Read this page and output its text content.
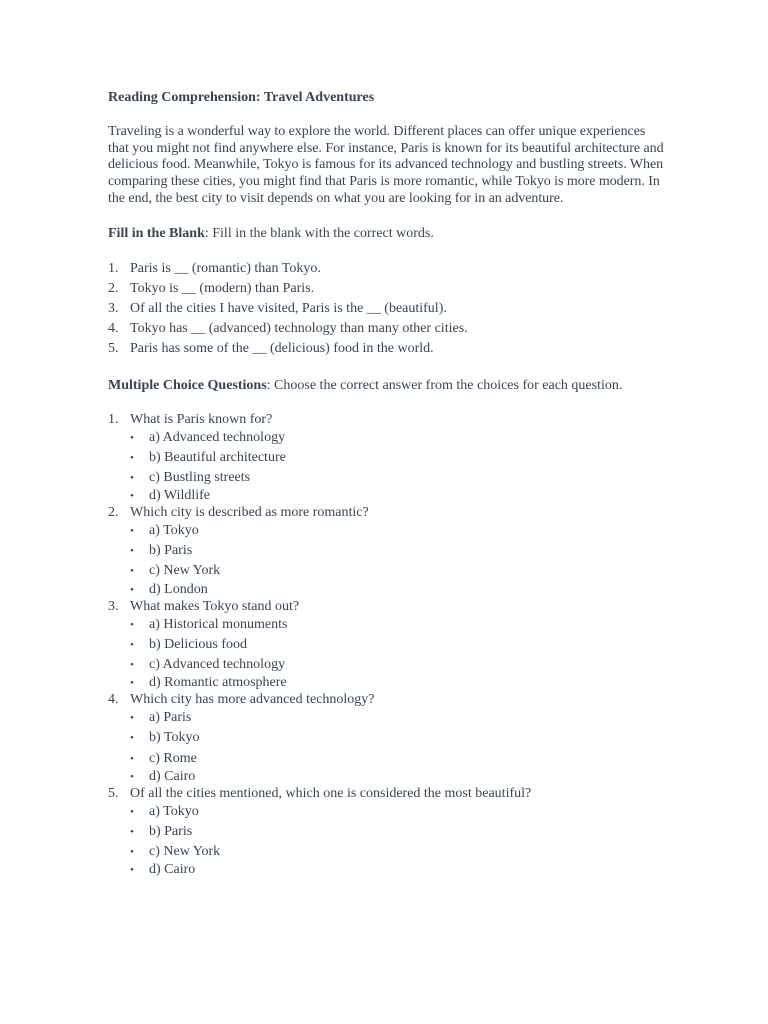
Reading Comprehension: Travel Adventures

Traveling is a wonderful way to explore the world. Different places can offer unique experiences that you might not find anywhere else. For instance, Paris is known for its beautiful architecture and delicious food. Meanwhile, Tokyo is famous for its advanced technology and bustling streets. When comparing these cities, you might find that Paris is more romantic, while Tokyo is more modern. In the end, the best city to visit depends on what you are looking for in an adventure.

Fill in the Blank: Fill in the blank with the correct words.
1. Paris is __ (romantic) than Tokyo.
2. Tokyo is __ (modern) than Paris.
3. Of all the cities I have visited, Paris is the __ (beautiful).
4. Tokyo has __ (advanced) technology than many other cities.
5. Paris has some of the __ (delicious) food in the world.
Multiple Choice Questions: Choose the correct answer from the choices for each question.
1. What is Paris known for?
•	a) Advanced technology
•	b) Beautiful architecture
•	c) Bustling streets
•	d) Wildlife
2. Which city is described as more romantic?
•	a) Tokyo
•	b) Paris
•	c) New York
•	d) London
3. What makes Tokyo stand out?
•	a) Historical monuments
•	b) Delicious food
•	c) Advanced technology
•	d) Romantic atmosphere
4. Which city has more advanced technology?
•	a) Paris
•	b) Tokyo
•	c) Rome
•	d) Cairo
5. Of all the cities mentioned, which one is considered the most beautiful?
•	a) Tokyo
•	b) Paris
•	c) New York
•	d) Cairo
